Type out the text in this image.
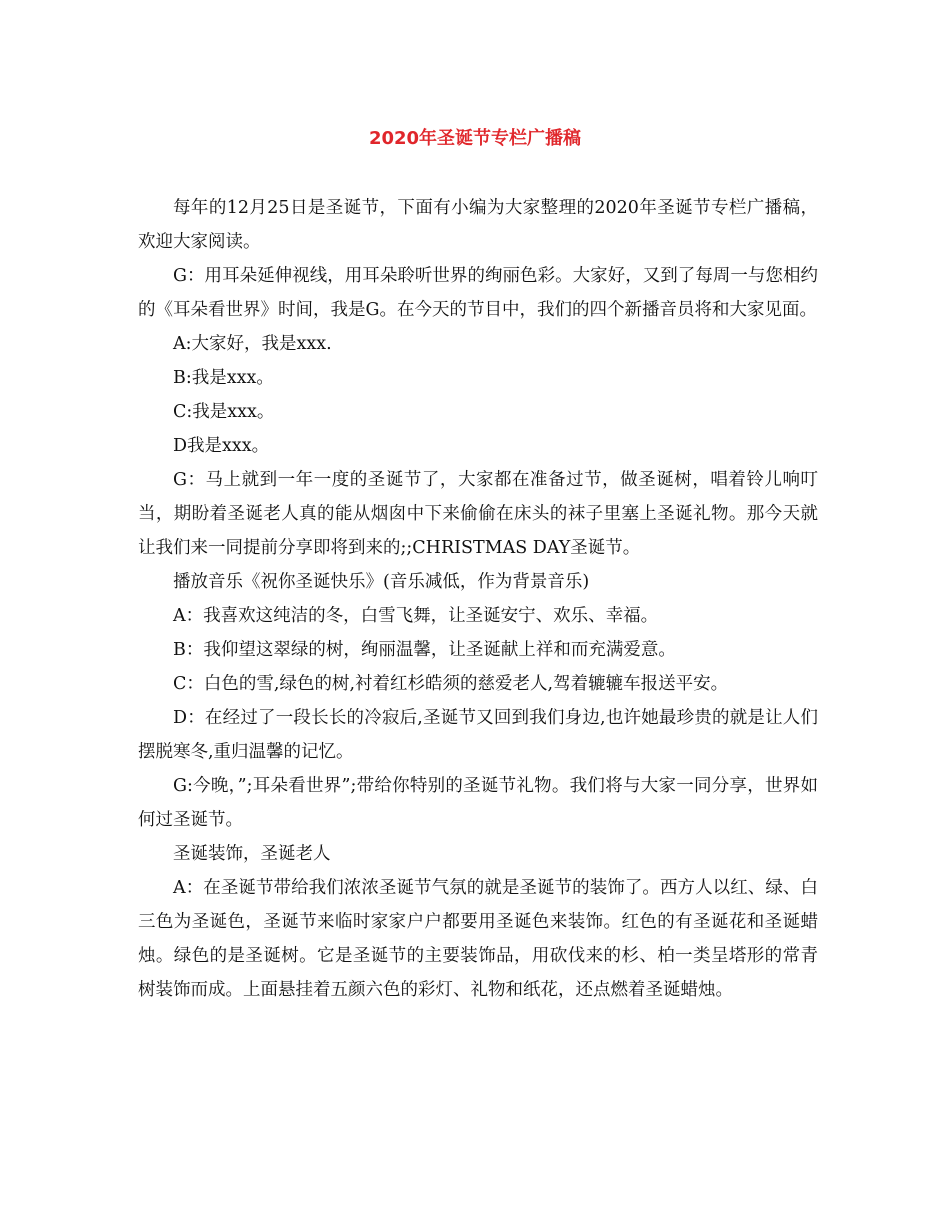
2020年圣诞节专栏广播稿

每年的12月25日是圣诞节，下面有小编为大家整理的2020年圣诞节专栏广播稿，欢迎大家阅读。

G：用耳朵延伸视线，用耳朵聆听世界的绚丽色彩。大家好，又到了每周一与您相约的《耳朵看世界》时间，我是G。在今天的节目中，我们的四个新播音员将和大家见面。

A:大家好，我是xxx.

B:我是xxx。

C:我是xxx。

D我是xxx。

G：马上就到一年一度的圣诞节了，大家都在准备过节，做圣诞树，唱着铃儿响叮当，期盼着圣诞老人真的能从烟囱中下来偷偷在床头的袜子里塞上圣诞礼物。那今天就让我们来一同提前分享即将到来的;;CHRISTMAS DAY圣诞节。

播放音乐《祝你圣诞快乐》(音乐减低，作为背景音乐)

A：我喜欢这纯洁的冬，白雪飞舞，让圣诞安宁、欢乐、幸福。

B：我仰望这翠绿的树，绚丽温馨，让圣诞献上祥和而充满爱意。

C：白色的雪,绿色的树,衬着红杉皓须的慈爱老人,驾着辘辘车报送平安。

D：在经过了一段长长的冷寂后,圣诞节又回到我们身边,也许她最珍贵的就是让人们摆脱寒冬,重归温馨的记忆。

G:今晚，”;耳朵看世界”;带给你特别的圣诞节礼物。我们将与大家一同分享，世界如何过圣诞节。

圣诞装饰，圣诞老人

A：在圣诞节带给我们浓浓圣诞节气氛的就是圣诞节的装饰了。西方人以红、绿、白三色为圣诞色，圣诞节来临时家家户户都要用圣诞色来装饰。红色的有圣诞花和圣诞蜡烛。绿色的是圣诞树。它是圣诞节的主要装饰品，用砍伐来的杉、柏一类呈塔形的常青树装饰而成。上面悬挂着五颜六色的彩灯、礼物和纸花，还点燃着圣诞蜡烛。
